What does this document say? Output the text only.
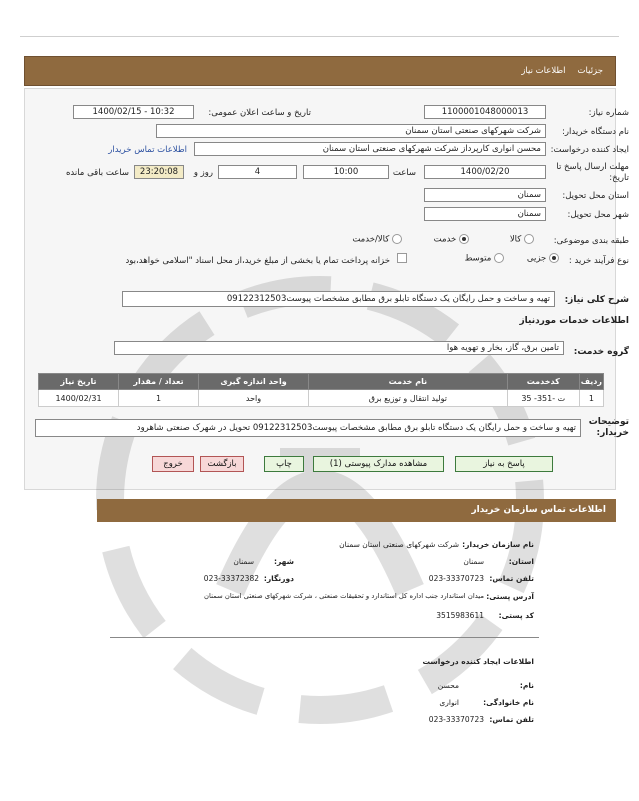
جزئیات
اطلاعات نیاز
شماره نیاز:
1100001048000013
تاریخ و ساعت اعلان عمومی:
1400/02/15 - 10:32
نام دستگاه خریدار:
شرکت شهرکهای صنعتی استان سمنان
ایجاد کننده درخواست:
محسن انواری کارپرداز شرکت شهرکهای صنعتی استان سمنان
اطلاعات تماس خریدار
مهلت ارسال پاسخ تا تاریخ:
1400/02/20
ساعت
10:00
4
روز و
23:20:08
ساعت باقی مانده
استان محل تحویل:
سمنان
شهر محل تحویل:
سمنان
طبقه بندی موضوعی:
کالا
خدمت
کالا/خدمت
نوع فرآیند خرید :
جزیی
متوسط
خزانه پرداخت تمام یا بخشی از مبلغ خرید،از محل اسناد "اسلامی خواهد،بود
شرح کلی نیاز:
تهیه و ساخت و حمل رایگان یک دستگاه تابلو برق مطابق مشخصات پیوست09122312503
اطلاعات خدمات موردنیاز
گروه خدمت:
تامین برق، گاز، بخار و تهویه هوا
ردیف	کدخدمت	نام خدمت	واحد اندازه گیری	تعداد / مقدار	تاریخ نیاز
1	ت -351- 35	تولید انتقال و توزیع برق	واحد	1	1400/02/31
توضیحات خریدار:
تهیه و ساخت و حمل رایگان یک دستگاه تابلو برق مطابق مشخصات پیوست09122312503 تحویل در شهرک صنعتی شاهرود
پاسخ به نیاز
مشاهده مدارک پیوستی (1)
چاپ
بازگشت
خروج
اطلاعات تماس سازمان خریدار
نام سازمان خریدار:
شرکت شهرکهای صنعتی استان سمنان
استان:
سمنان
شهر:
سمنان
تلفن تماس:
023-33370723
دورنگار:
023-33372382
آدرس پستی:
میدان استاندارد جنب اداره کل استاندارد و تحقیقات صنعتی ، شرکت شهرکهای صنعتی استان سمنان
کد پستی:
3515983611
اطلاعات ایجاد کننده درخواست
نام:
محسن
نام خانوادگی:
انواری
تلفن تماس:
023-33370723
